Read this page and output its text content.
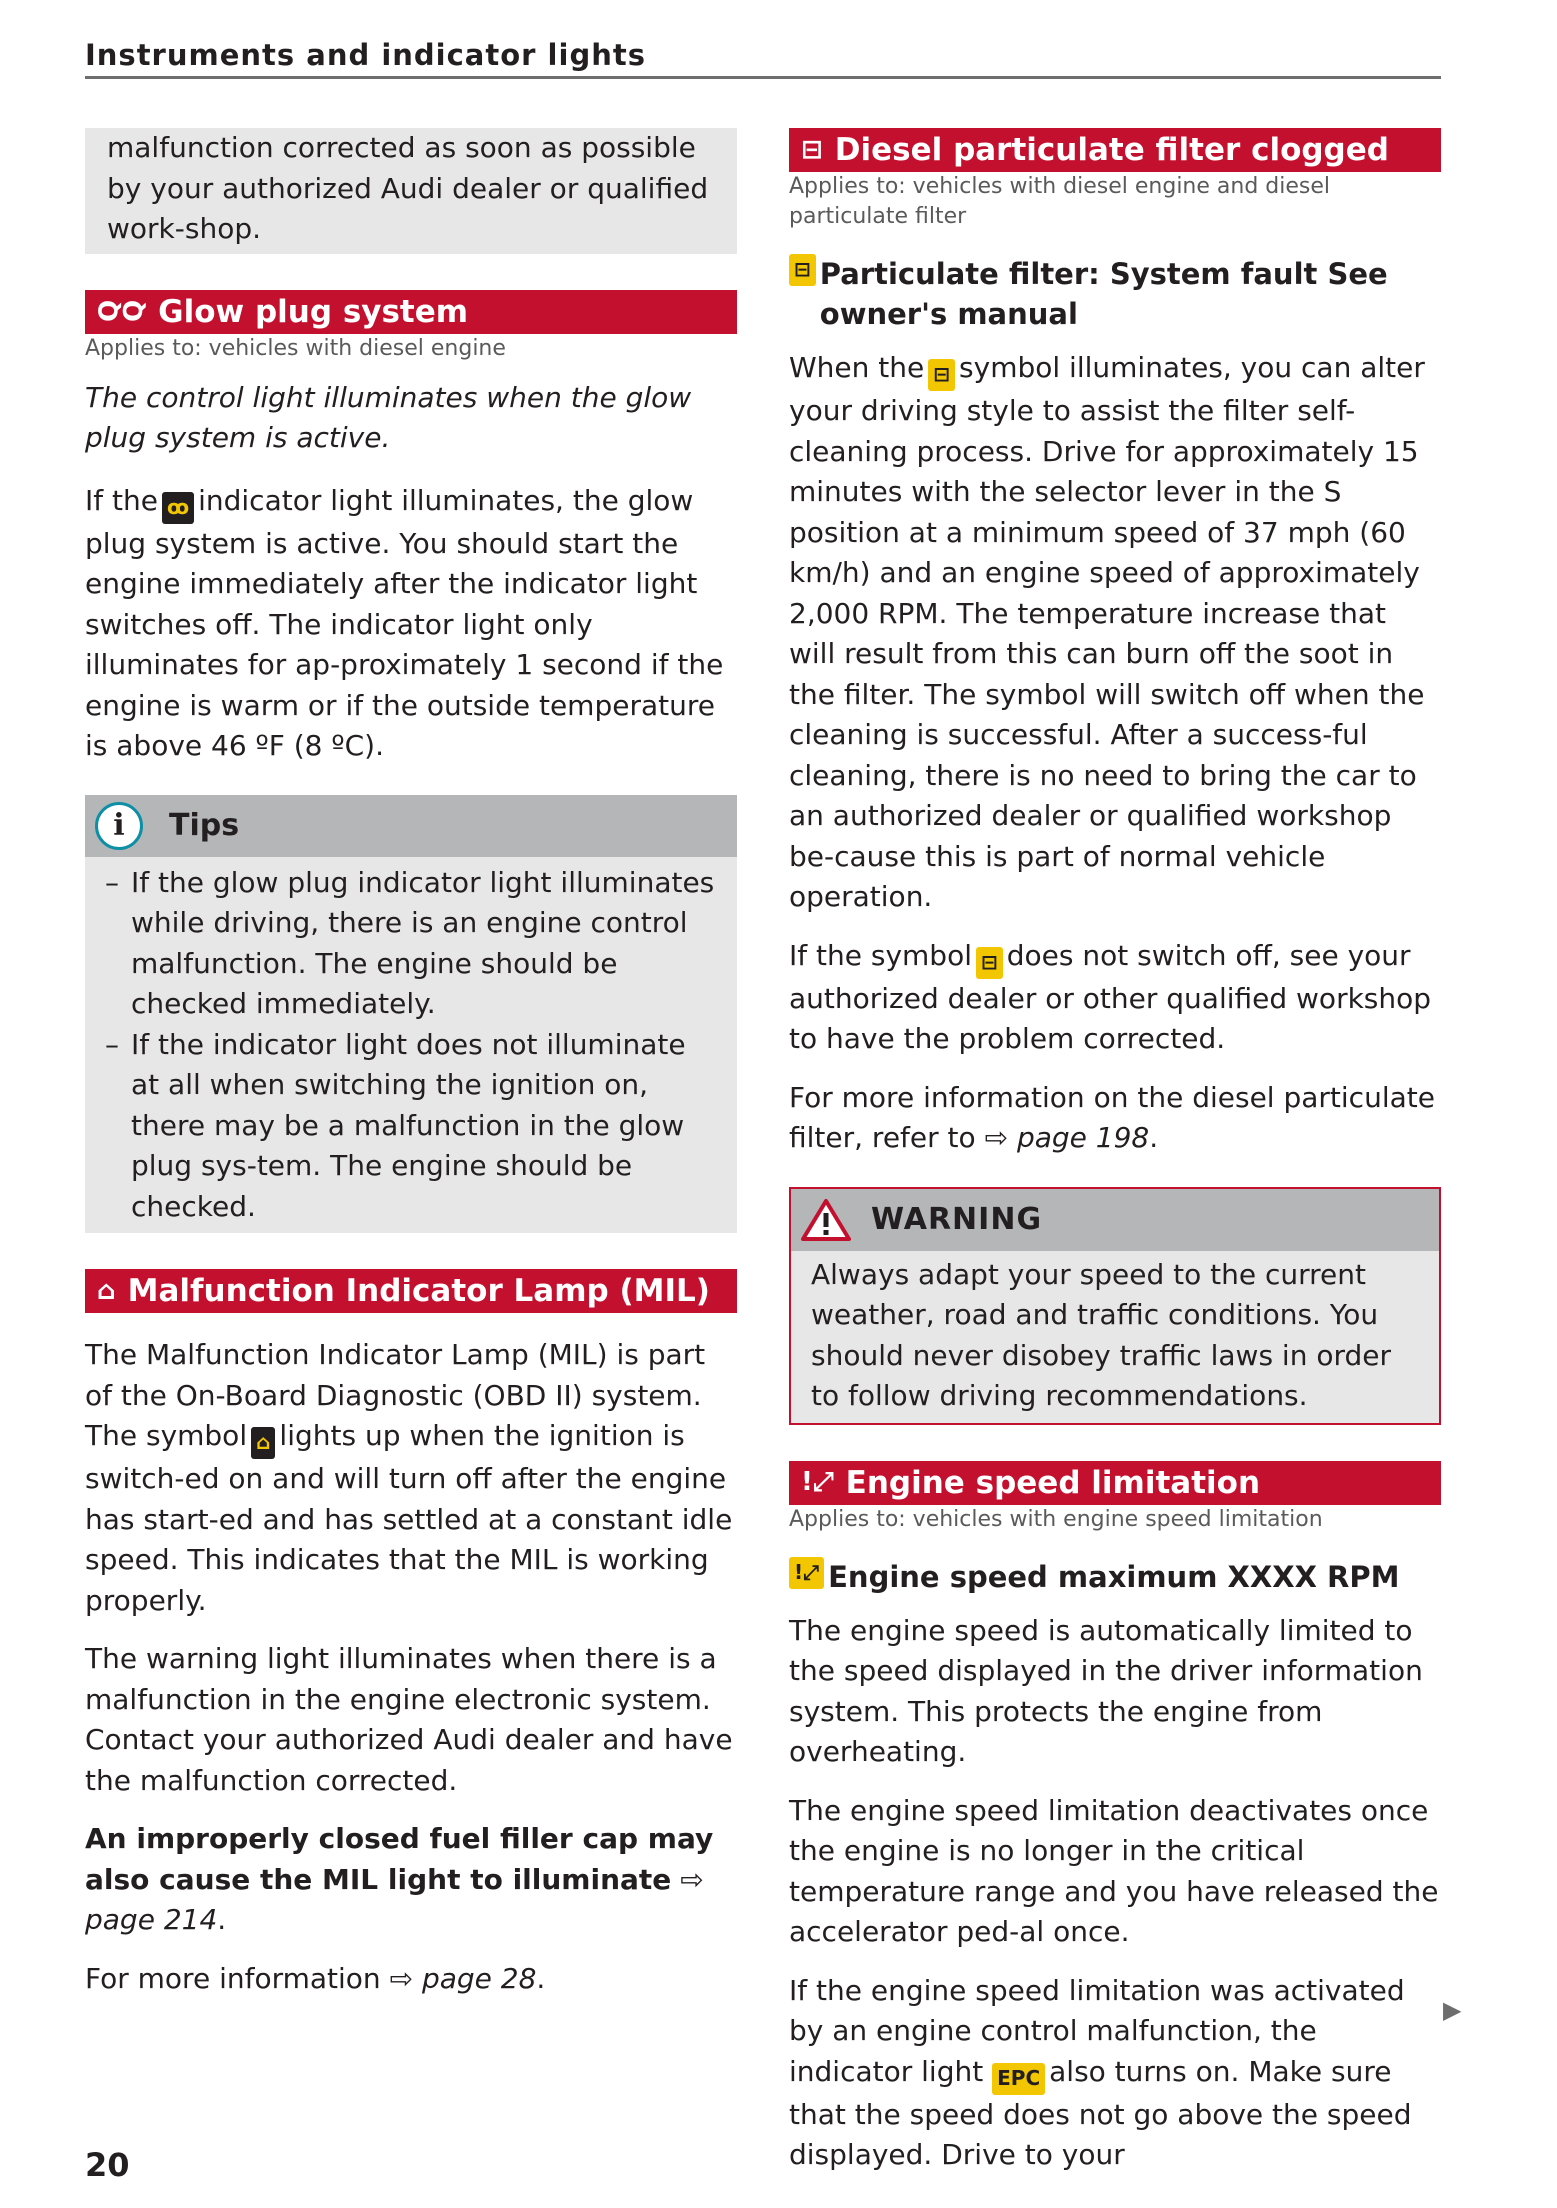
Instruments and indicator lights

malfunction corrected as soon as possible by your authorized Audi dealer or qualified work-shop.

℺℺ Glow plug system
Applies to: vehicles with diesel engine

The control light illuminates when the glow plug system is active.

If the ꝏ indicator light illuminates, the glow plug system is active. You should start the engine immediately after the indicator light switches off. The indicator light only illuminates for ap-proximately 1 second if the engine is warm or if the outside temperature is above 46 ºF (8 ºC).

i	Tips
– If the glow plug indicator light illuminates while driving, there is an engine control malfunction. The engine should be checked immediately.
– If the indicator light does not illuminate at all when switching the ignition on, there may be a malfunction in the glow plug sys-tem. The engine should be checked.
⌂ Malfunction Indicator Lamp (MIL)

The Malfunction Indicator Lamp (MIL) is part of the On-Board Diagnostic (OBD II) system. The symbol ⌂ lights up when the ignition is switch-ed on and will turn off after the engine has start-ed and has settled at a constant idle speed. This indicates that the MIL is working properly.

The warning light illuminates when there is a malfunction in the engine electronic system. Contact your authorized Audi dealer and have the malfunction corrected.

An improperly closed fuel filler cap may also cause the MIL light to illuminate ⇨ page 214.

For more information ⇨ page 28.

⊟ Diesel particulate filter clogged
Applies to: vehicles with diesel engine and diesel particulate filter
⊟ Particulate filter: System fault See owner's manual

When the ⊟ symbol illuminates, you can alter your driving style to assist the filter self-cleaning process. Drive for approximately 15 minutes with the selector lever in the S position at a minimum speed of 37 mph (60 km/h) and an engine speed of approximately 2,000 RPM. The temperature increase that will result from this can burn off the soot in the filter. The symbol will switch off when the cleaning is successful. After a success-ful cleaning, there is no need to bring the car to an authorized dealer or qualified workshop be-cause this is part of normal vehicle operation.

If the symbol ⊟ does not switch off, see your authorized dealer or other qualified workshop to have the problem corrected.

For more information on the diesel particulate filter, refer to ⇨ page 198.

WARNING

Always adapt your speed to the current weather, road and traffic conditions. You should never disobey traffic laws in order to follow driving recommendations.

!⤢ Engine speed limitation
Applies to: vehicles with engine speed limitation
!⤢ Engine speed maximum XXXX RPM

The engine speed is automatically limited to the speed displayed in the driver information system. This protects the engine from overheating.

The engine speed limitation deactivates once the engine is no longer in the critical temperature range and you have released the accelerator ped-al once.

If the engine speed limitation was activated by an engine control malfunction, the indicator light EPC also turns on. Make sure that the speed does not go above the speed displayed. Drive to your

▶
20
